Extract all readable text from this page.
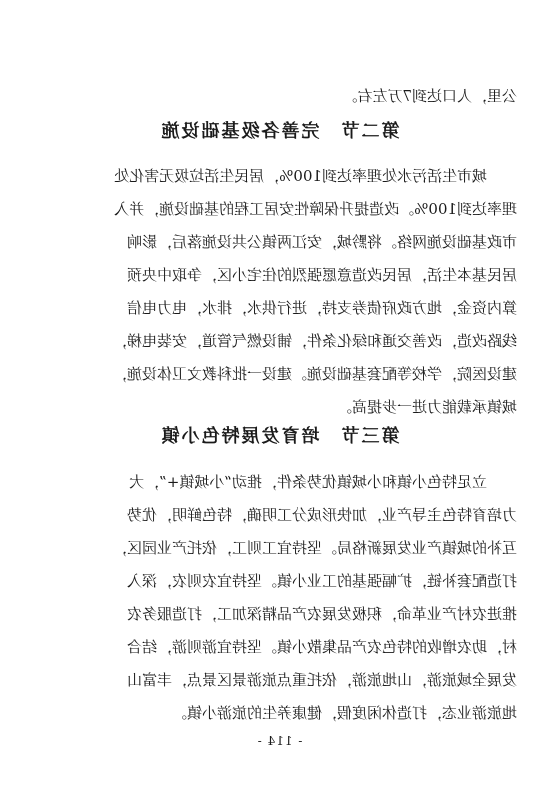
公里，人口达到7万左右。
第二节　完善各级基础设施
城市生活污水处理率达到100%，居民生活垃圾无害化处
理率达到100%。改造提升保障性安居工程的基础设施，并入
市政基础设施网络。将黔城，安江两镇公共设施落后，影响
居民基本生活，居民改造意愿强烈的住宅小区，争取中央预
算内资金，地方政府债券支持，进行供水，排水，电力电信
线路改造，改善交通和绿化条件，铺设燃气管道，安装电梯，
建设医院，学校等配套基础设施。建设一批科教文卫体设施，
城镇承载能力进一步提高。
第三节　培育发展特色小镇
立足特色小镇和小城镇优势条件，推动“小城镇+”，大
力培育特色主导产业，加快形成分工明确，特色鲜明，优势
互补的城镇产业发展新格局。坚持宜工则工，依托产业园区，
打造配套补链，扩幅强基的工业小镇。坚持宜农则农，深入
推进农村产业革命，积极发展农产品精深加工，打造服务农
村，助农增收的特色农产品集散小镇。坚持宜游则游，结合
发展全域旅游，山地旅游，依托重点旅游景区景点，丰富山
地旅游业态，打造休闲度假，健康养生的旅游小镇。
- 114 -
